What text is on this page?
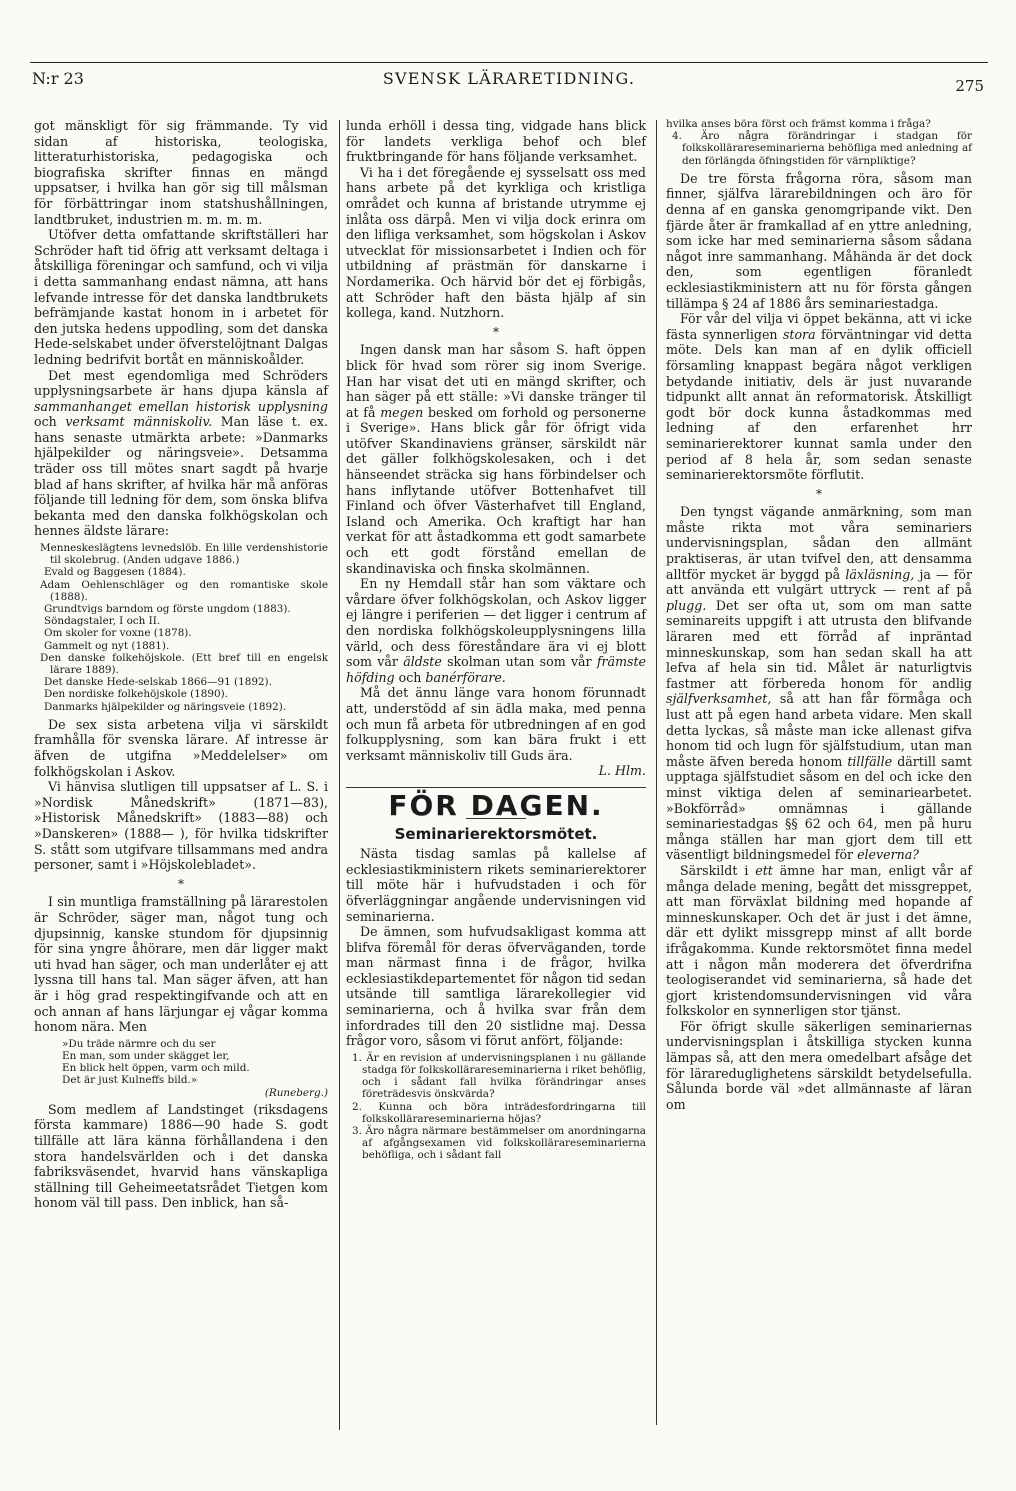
N:r 23	SVENSK LÄRARETIDNING.	275

got mänskligt för sig främmande. Ty vid sidan af historiska, teologiska, litteraturhistoriska, pedagogiska och biografiska skrifter finnas en mängd uppsatser, i hvilka han gör sig till målsman för förbättringar inom statshushållningen, landtbruket, industrien m. m. m. m.

Utöfver detta omfattande skriftställeri har Schröder haft tid öfrig att verksamt deltaga i åtskilliga föreningar och samfund, och vi vilja i detta sammanhang endast nämna, att hans lefvande intresse för det danska landtbrukets befrämjande kastat honom in i arbetet för den jutska hedens uppodling, som det danska Hede-selskabet under öfverstelöjtnant Dalgas ledning bedrifvit bortåt en människoålder.

Det mest egendomliga med Schröders upplysningsarbete är hans djupa känsla af sammanhanget emellan historisk upplysning och verksamt människoliv. Man läse t. ex. hans senaste utmärkta arbete: »Danmarks hjälpekilder og näringsveie». Detsamma träder oss till mötes snart sagdt på hvarje blad af hans skrifter, af hvilka här må anföras följande till ledning för dem, som önska blifva bekanta med den danska folkhögskolan och hennes äldste lärare:

Menneskeslägtens levnedslöb. En lille verdenshistorie til skolebrug. (Anden udgave 1886.)

Evald og Baggesen (1884).

Adam Oehlenschläger og den romantiske skole (1888).

Grundtvigs barndom og förste ungdom (1883).

Söndagstaler, I och II.

Om skoler for voxne (1878).

Gammelt og nyt (1881).

Den danske folkehöjskole. (Ett bref till en engelsk lärare 1889).

Det danske Hede-selskab 1866—91 (1892).

Den nordiske folkehöjskole (1890).

Danmarks hjälpekilder og näringsveie (1892).

De sex sista arbetena vilja vi särskildt framhålla för svenska lärare. Af intresse är äfven de utgifna »Meddelelser» om folkhögskolan i Askov.

Vi hänvisa slutligen till uppsatser af L. S. i »Nordisk Månedskrift» (1871—83), »Historisk Månedskrift» (1883—88) och »Danskeren» (1888— ), för hvilka tidskrifter S. stått som utgifvare tillsammans med andra personer, samt i »Höjskolebladet».

*

I sin muntliga framställning på lärarestolen är Schröder, säger man, något tung och djupsinnig, kanske stundom för djupsinnig för sina yngre åhörare, men där ligger makt uti hvad han säger, och man underlåter ej att lyssna till hans tal. Man säger äfven, att han är i hög grad respektingifvande och att en och annan af hans lärjungar ej vågar komma honom nära. Men

»Du träde närmre och du ser

En man, som under skägget ler,

En blick helt öppen, varm och mild.

Det är just Kulneffs bild.»

(Runeberg.)

Som medlem af Landstinget (riksdagens första kammare) 1886—90 hade S. godt tillfälle att lära känna förhållandena i den stora handelsvärlden och i det danska fabriksväsendet, hvarvid hans vänskapliga ställning till Geheimeetatsrådet Tietgen kom honom väl till pass. Den inblick, han så-

lunda erhöll i dessa ting, vidgade hans blick för landets verkliga behof och blef fruktbringande för hans följande verksamhet.

Vi ha i det föregående ej sysselsatt oss med hans arbete på det kyrkliga och kristliga området och kunna af bristande utrymme ej inlåta oss därpå. Men vi vilja dock erinra om den lifliga verksamhet, som högskolan i Askov utvecklat för missionsarbetet i Indien och för utbildning af prästmän för danskarne i Nordamerika. Och härvid bör det ej förbigås, att Schröder haft den bästa hjälp af sin kollega, kand. Nutzhorn.

*

Ingen dansk man har såsom S. haft öppen blick för hvad som rörer sig inom Sverige. Han har visat det uti en mängd skrifter, och han säger på ett ställe: »Vi danske tränger til at få megen besked om forhold og personerne i Sverige». Hans blick går för öfrigt vida utöfver Skandinaviens gränser, särskildt när det gäller folkhögskolesaken, och i det hänseendet sträcka sig hans förbindelser och hans inflytande utöfver Bottenhafvet till Finland och öfver Västerhafvet till England, Island och Amerika. Och kraftigt har han verkat för att åstadkomma ett godt samarbete och ett godt förstånd emellan de skandinaviska och finska skolmännen.

En ny Hemdall står han som väktare och vårdare öfver folkhögskolan, och Askov ligger ej längre i periferien — det ligger i centrum af den nordiska folkhögskoleupplysningens lilla värld, och dess föreståndare ära vi ej blott som vår äldste skolman utan som vår främste höfding och banérförare.

Må det ännu länge vara honom förunnadt att, understödd af sin ädla maka, med penna och mun få arbeta för utbredningen af en god folkupplysning, som kan bära frukt i ett verksamt människoliv till Guds ära.

L. Hlm.
FÖR DAGEN.
Seminarierektorsmötet.

Nästa tisdag samlas på kallelse af ecklesiastikministern rikets seminarierektorer till möte här i hufvudstaden i och för öfverläggningar angående undervisningen vid seminarierna.

De ämnen, som hufvudsakligast komma att blifva föremål för deras öfverväganden, torde man närmast finna i de frågor, hvilka ecklesiastikdepartementet för någon tid sedan utsände till samtliga lärarekollegier vid seminarierna, och å hvilka svar från dem infordrades till den 20 sistlidne maj. Dessa frågor voro, såsom vi förut anfört, följande:

1. Är en revision af undervisningsplanen i nu gällande stadga för folkskollärareseminarierna i riket behöflig, och i sådant fall hvilka förändringar anses företrädesvis önskvärda?

2. Kunna och böra inträdesfordringarna till folkskollärareseminarierna höjas?

3. Äro några närmare bestämmelser om anordningarna af afgångsexamen vid folkskollärareseminarierna behöfliga, och i sådant fall

hvilka anses böra först och främst komma i fråga?

4. Äro några förändringar i stadgan för folkskollärareseminarierna behöfliga med anledning af den förlängda öfningstiden för värnpliktige?

De tre första frågorna röra, såsom man finner, själfva lärarebildningen och äro för denna af en ganska genomgripande vikt. Den fjärde åter är framkallad af en yttre anledning, som icke har med seminarierna såsom sådana något inre sammanhang. Måhända är det dock den, som egentligen föranledt ecklesiastikministern att nu för första gången tillämpa § 24 af 1886 års seminariestadga.

För vår del vilja vi öppet bekänna, att vi icke fästa synnerligen stora förväntningar vid detta möte. Dels kan man af en dylik officiell församling knappast begära något verkligen betydande initiativ, dels är just nuvarande tidpunkt allt annat än reformatorisk. Åtskilligt godt bör dock kunna åstadkommas med ledning af den erfarenhet hrr seminarierektorer kunnat samla under den period af 8 hela år, som sedan senaste seminarierektorsmöte förflutit.

*

Den tyngst vägande anmärkning, som man måste rikta mot våra seminariers undervisningsplan, sådan den allmänt praktiseras, är utan tvifvel den, att densamma alltför mycket är byggd på läxläsning, ja — för att använda ett vulgärt uttryck — rent af på plugg. Det ser ofta ut, som om man satte seminareits uppgift i att utrusta den blifvande läraren med ett förråd af inpräntad minneskunskap, som han sedan skall ha att lefva af hela sin tid. Målet är naturligtvis fastmer att förbereda honom för andlig själfverksamhet, så att han får förmåga och lust att på egen hand arbeta vidare. Men skall detta lyckas, så måste man icke allenast gifva honom tid och lugn för själfstudium, utan man måste äfven bereda honom tillfälle därtill samt upptaga själfstudiet såsom en del och icke den minst viktiga delen af seminariearbetet. »Bokförråd» omnämnas i gällande seminariestadgas §§ 62 och 64, men på huru många ställen har man gjort dem till ett väsentligt bildningsmedel för eleverna?

Särskildt i ett ämne har man, enligt vår af många delade mening, begått det missgreppet, att man förväxlat bildning med hopande af minneskunskaper. Och det är just i det ämne, där ett dylikt missgrepp minst af allt borde ifrågakomma. Kunde rektorsmötet finna medel att i någon mån moderera det öfverdrifna teologiserandet vid seminarierna, så hade det gjort kristendomsundervisningen vid våra folkskolor en synnerligen stor tjänst.

För öfrigt skulle säkerligen seminariernas undervisningsplan i åtskilliga stycken kunna lämpas så, att den mera omedelbart afsåge det för lärareduglighetens särskildt betydelsefulla. Sålunda borde väl »det allmännaste af läran om
